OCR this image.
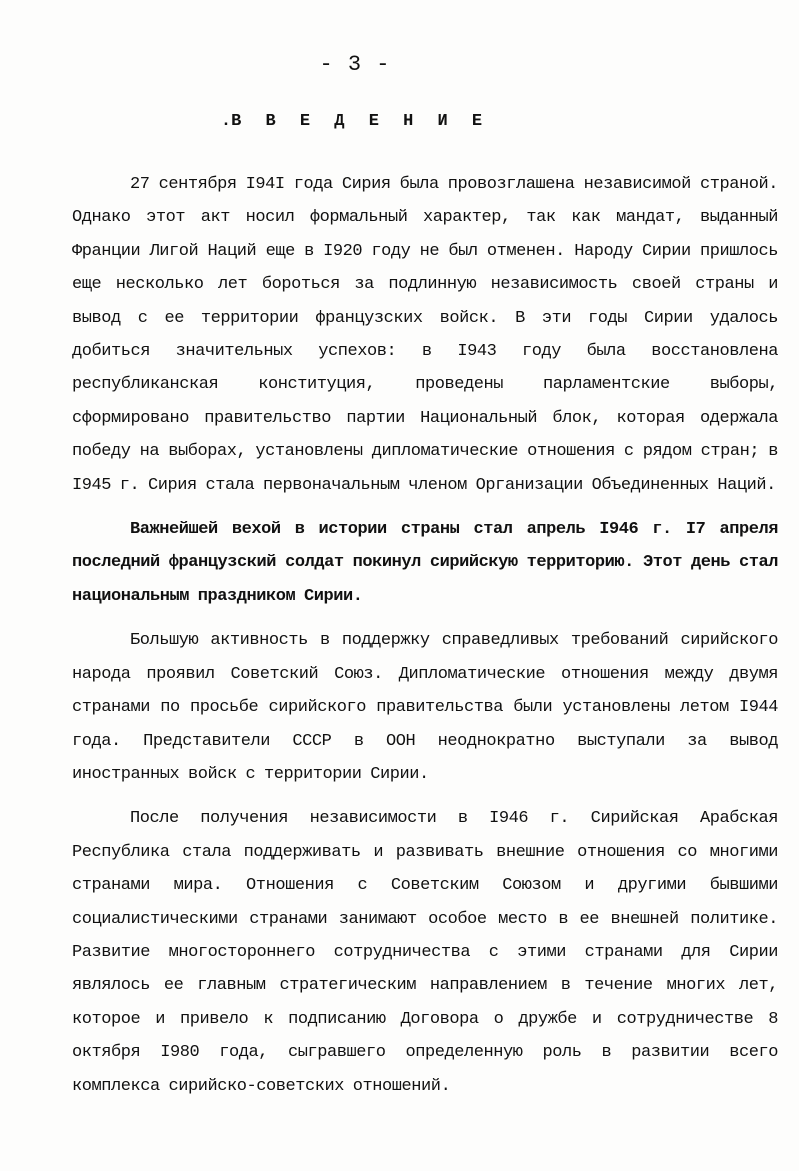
- 3 -
.В В Е Д Е Н И Е

27 сентября I94I года Сирия была провозглашена независимой страной. Однако этот акт носил формальный характер, так как мандат, выданный Франции Лигой Наций еще в I920 году не был отменен. Народу Сирии пришлось еще несколько лет бороться за подлинную независимость своей страны и вывод с ее территории французских войск. В эти годы Сирии удалось добиться значительных успехов: в I943 году была восстановлена республиканская конституция, проведены парламентские выборы, сформировано правительство партии Национальный блок, которая одержала победу на выборах, установлены дипломатические отношения с рядом стран; в I945 г. Сирия стала первоначальным членом Организации Объединенных Наций.

Важнейшей вехой в истории страны стал апрель I946 г. I7 апреля последний французский солдат покинул сирийскую территорию. Этот день стал национальным праздником Сирии.

Большую активность в поддержку справедливых требований сирийского народа проявил Советский Союз. Дипломатические отношения между двумя странами по просьбе сирийского правительства были установлены летом I944 года. Представители СССР в ООН неоднократно выступали за вывод иностранных войск с территории Сирии.

После получения независимости в I946 г. Сирийская Арабская Республика стала поддерживать и развивать внешние отношения со многими странами мира. Отношения с Советским Союзом и другими бывшими социалистическими странами занимают особое место в ее внешней политике. Развитие многостороннего сотрудничества с этими странами для Сирии являлось ее главным стратегическим направлением в течение многих лет, которое и привело к подписанию Договора о дружбе и сотрудничестве 8 октября I980 года, сыгравшего определенную роль в развитии всего комплекса сирийско-советских отношений.
